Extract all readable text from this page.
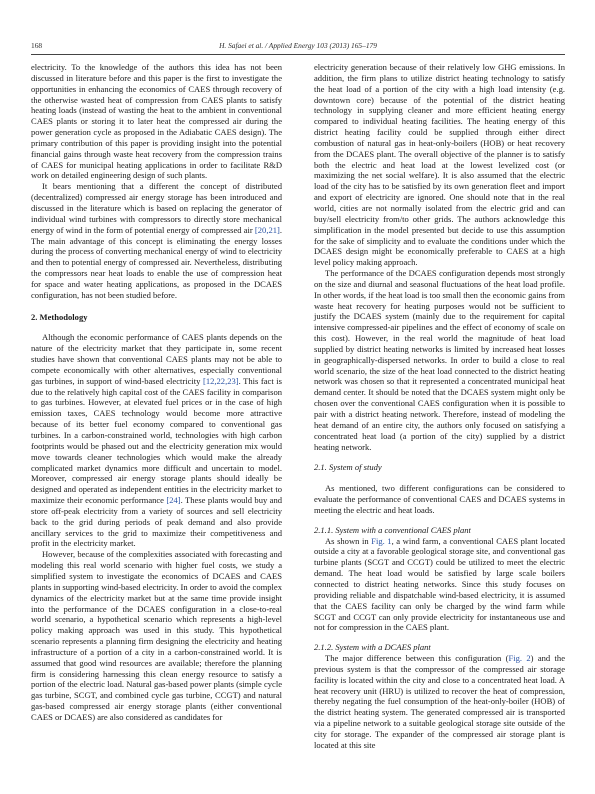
168	H. Safaei et al. / Applied Energy 103 (2013) 165–179

electricity. To the knowledge of the authors this idea has not been discussed in literature before and this paper is the first to investigate the opportunities in enhancing the economics of CAES through recovery of the otherwise wasted heat of compression from CAES plants to satisfy heating loads (instead of wasting the heat to the ambient in conventional CAES plants or storing it to later heat the compressed air during the power generation cycle as proposed in the Adiabatic CAES design). The primary contribution of this paper is providing insight into the potential financial gains through waste heat recovery from the compression trains of CAES for municipal heating applications in order to facilitate R&D work on detailed engineering design of such plants.

It bears mentioning that a different the concept of distributed (decentralized) compressed air energy storage has been introduced and discussed in the literature which is based on replacing the generator of individual wind turbines with compressors to directly store mechanical energy of wind in the form of potential energy of compressed air [20,21]. The main advantage of this concept is eliminating the energy losses during the process of converting mechanical energy of wind to electricity and then to potential energy of compressed air. Nevertheless, distributing the compressors near heat loads to enable the use of compression heat for space and water heating applications, as proposed in the DCAES configuration, has not been studied before.

2. Methodology

Although the economic performance of CAES plants depends on the nature of the electricity market that they participate in, some recent studies have shown that conventional CAES plants may not be able to compete economically with other alternatives, especially conventional gas turbines, in support of wind-based electricity [12,22,23]. This fact is due to the relatively high capital cost of the CAES facility in comparison to gas turbines. However, at elevated fuel prices or in the case of high emission taxes, CAES technology would become more attractive because of its better fuel economy compared to conventional gas turbines. In a carbon-constrained world, technologies with high carbon footprints would be phased out and the electricity generation mix would move towards cleaner technologies which would make the already complicated market dynamics more difficult and uncertain to model. Moreover, compressed air energy storage plants should ideally be designed and operated as independent entities in the electricity market to maximize their economic performance [24]. These plants would buy and store off-peak electricity from a variety of sources and sell electricity back to the grid during periods of peak demand and also provide ancillary services to the grid to maximize their competitiveness and profit in the electricity market.

However, because of the complexities associated with forecasting and modeling this real world scenario with higher fuel costs, we study a simplified system to investigate the economics of DCAES and CAES plants in supporting wind-based electricity. In order to avoid the complex dynamics of the electricity market but at the same time provide insight into the performance of the DCAES configuration in a close-to-real world scenario, a hypothetical scenario which represents a high-level policy making approach was used in this study. This hypothetical scenario represents a planning firm designing the electricity and heating infrastructure of a portion of a city in a carbon-constrained world. It is assumed that good wind resources are available; therefore the planning firm is considering harnessing this clean energy resource to satisfy a portion of the electric load. Natural gas-based power plants (simple cycle gas turbine, SCGT, and combined cycle gas turbine, CCGT) and natural gas-based compressed air energy storage plants (either conventional CAES or DCAES) are also considered as candidates for

electricity generation because of their relatively low GHG emissions. In addition, the firm plans to utilize district heating technology to satisfy the heat load of a portion of the city with a high load intensity (e.g. downtown core) because of the potential of the district heating technology in supplying cleaner and more efficient heating energy compared to individual heating facilities. The heating energy of this district heating facility could be supplied through either direct combustion of natural gas in heat-only-boilers (HOB) or heat recovery from the DCAES plant. The overall objective of the planner is to satisfy both the electric and heat load at the lowest levelized cost (or maximizing the net social welfare). It is also assumed that the electric load of the city has to be satisfied by its own generation fleet and import and export of electricity are ignored. One should note that in the real world, cities are not normally isolated from the electric grid and can buy/sell electricity from/to other grids. The authors acknowledge this simplification in the model presented but decide to use this assumption for the sake of simplicity and to evaluate the conditions under which the DCAES design might be economically preferable to CAES at a high level policy making approach.

The performance of the DCAES configuration depends most strongly on the size and diurnal and seasonal fluctuations of the heat load profile. In other words, if the heat load is too small then the economic gains from waste heat recovery for heating purposes would not be sufficient to justify the DCAES system (mainly due to the requirement for capital intensive compressed-air pipelines and the effect of economy of scale on this cost). However, in the real world the magnitude of heat load supplied by district heating networks is limited by increased heat losses in geographically-dispersed networks. In order to build a close to real world scenario, the size of the heat load connected to the district heating network was chosen so that it represented a concentrated municipal heat demand center. It should be noted that the DCAES system might only be chosen over the conventional CAES configuration when it is possible to pair with a district heating network. Therefore, instead of modeling the heat demand of an entire city, the authors only focused on satisfying a concentrated heat load (a portion of the city) supplied by a district heating network.

2.1. System of study

As mentioned, two different configurations can be considered to evaluate the performance of conventional CAES and DCAES systems in meeting the electric and heat loads.

2.1.1. System with a conventional CAES plant

As shown in Fig. 1, a wind farm, a conventional CAES plant located outside a city at a favorable geological storage site, and conventional gas turbine plants (SCGT and CCGT) could be utilized to meet the electric demand. The heat load would be satisfied by large scale boilers connected to district heating networks. Since this study focuses on providing reliable and dispatchable wind-based electricity, it is assumed that the CAES facility can only be charged by the wind farm while SCGT and CCGT can only provide electricity for instantaneous use and not for compression in the CAES plant.

2.1.2. System with a DCAES plant

The major difference between this configuration (Fig. 2) and the previous system is that the compressor of the compressed air storage facility is located within the city and close to a concentrated heat load. A heat recovery unit (HRU) is utilized to recover the heat of compression, thereby negating the fuel consumption of the heat-only-boiler (HOB) of the district heating system. The generated compressed air is transported via a pipeline network to a suitable geological storage site outside of the city for storage. The expander of the compressed air storage plant is located at this site
